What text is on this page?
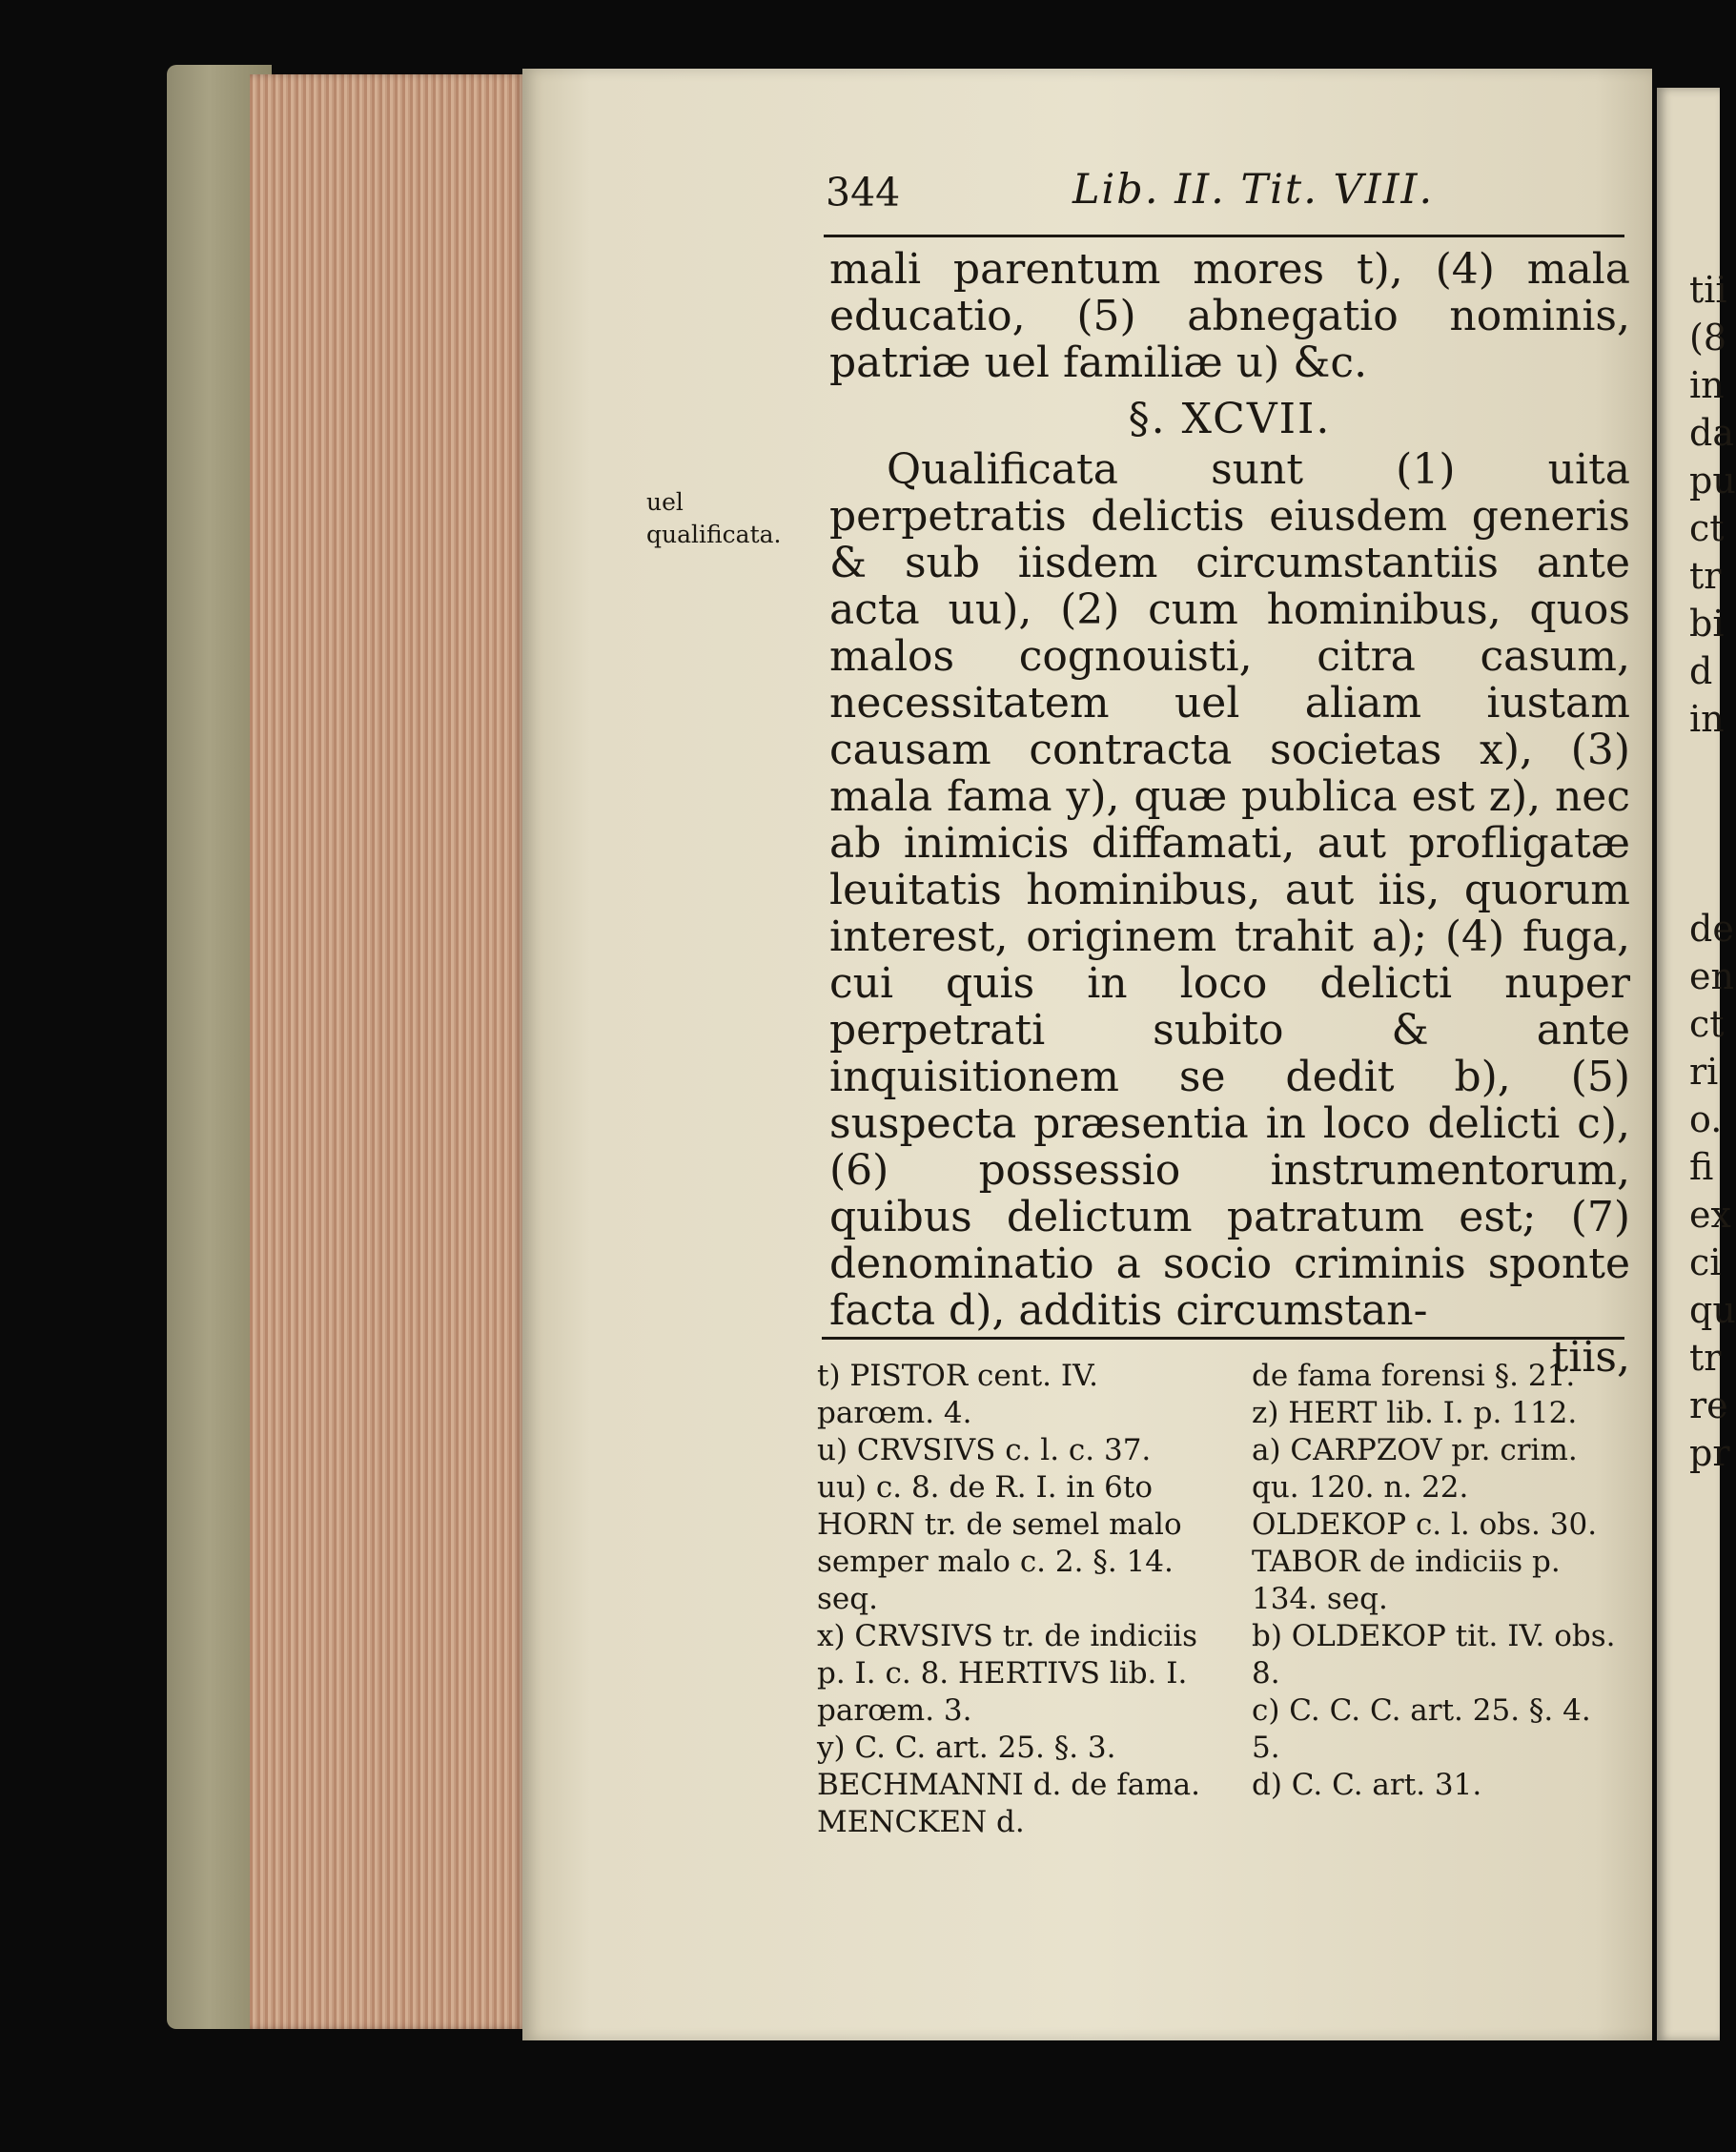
344	Lib. II. Tit. VIII.

mali parentum mores t), (4) mala educatio, (5) abnegatio nominis, patriæ uel familiæ u) &c.

§. XCVII.

Qualificata sunt (1) uita perpetratis delictis eiusdem generis & sub iisdem circumstantiis ante acta uu), (2) cum hominibus, quos malos cognouisti, citra casum, necessitatem uel aliam iustam causam contracta societas x), (3) mala fama y), quæ publica est z), nec ab inimicis diffamati, aut profligatæ leuitatis hominibus, aut iis, quorum interest, originem trahit a); (4) fuga, cui quis in loco delicti nuper perpetrati subito & ante inquisitionem se dedit b), (5) suspecta præsentia in loco delicti c), (6) possessio instrumentorum, quibus delictum patratum est; (7) denominatio a socio criminis sponte facta d), additis circumstan-

tiis,
uel qualificata.
t) PISTOR cent. IV. parœm. 4.
u) CRVSIVS c. l. c. 37.
uu) c. 8. de R. I. in 6to HORN tr. de semel malo semper malo c. 2. §. 14. seq.
x) CRVSIVS tr. de indiciis p. I. c. 8. HERTIVS lib. I. parœm. 3.
y) C. C. art. 25. §. 3. BECHMANNI d. de fama. MENCKEN d.
de fama forensi §. 21.
z) HERT lib. I. p. 112.
a) CARPZOV pr. crim. qu. 120. n. 22. OLDEKOP c. l. obs. 30. TABOR de indiciis p. 134. seq.
b) OLDEKOP tit. IV. obs. 8.
c) C. C. C. art. 25. §. 4. 5.
d) C. C. art. 31.
tii
(8
in
da
pu
ct
tr
bi
d
in
de
en
ct
ri
o.
fi
ex
ci
qu
tr
re
pr
